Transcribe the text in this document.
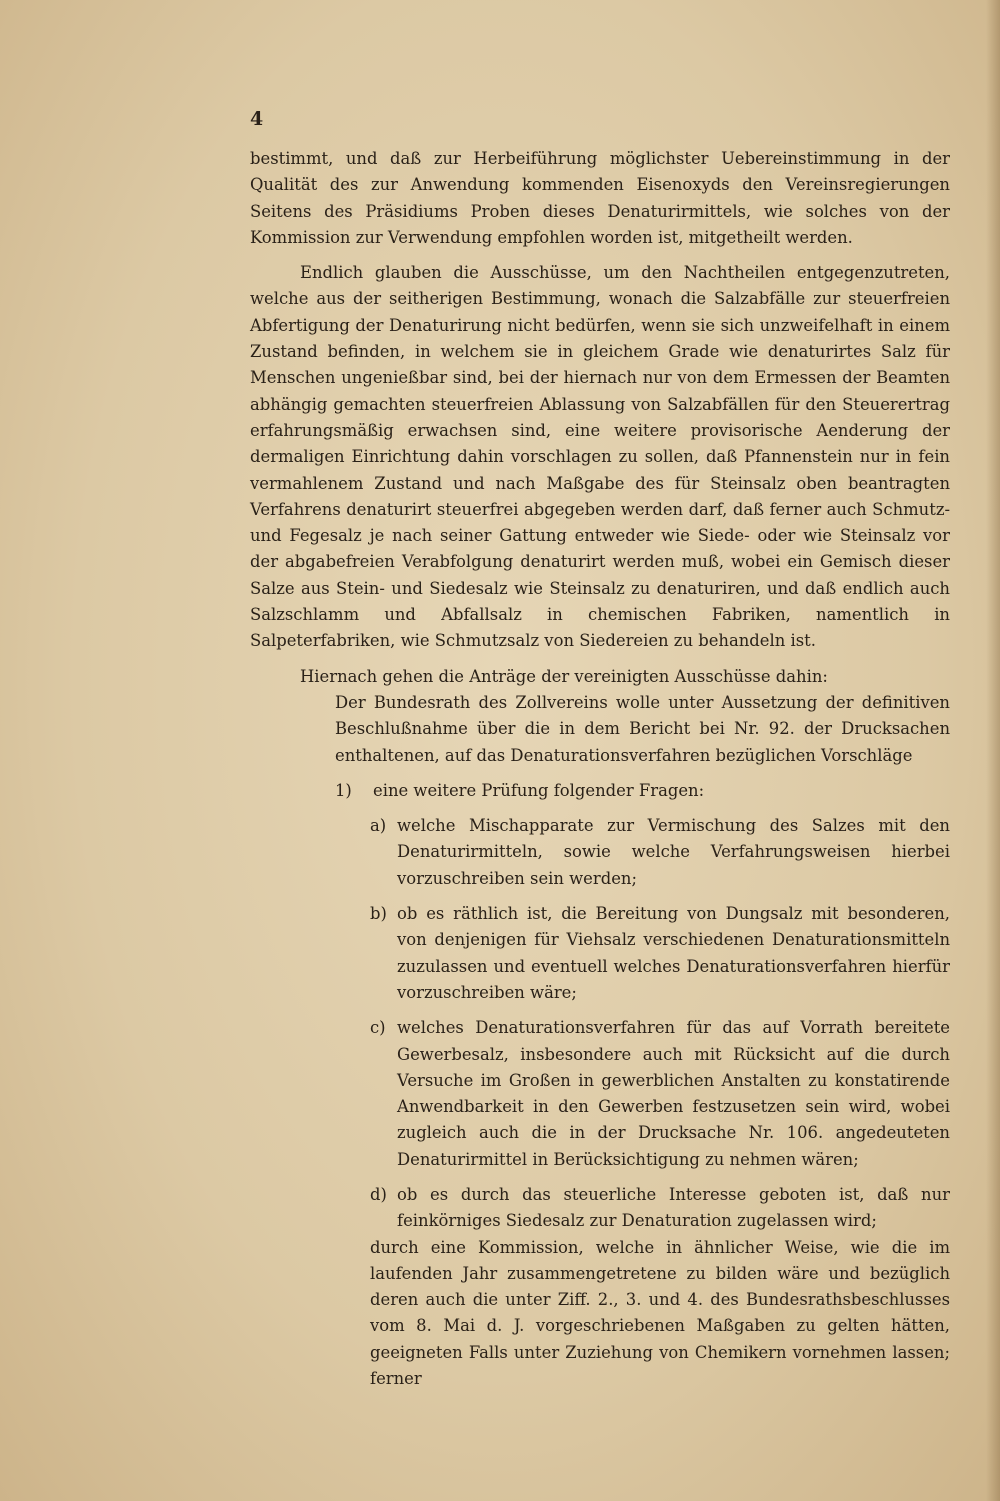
4

bestimmt, und daß zur Herbeiführung möglichster Uebereinstimmung in der Qualität des zur Anwendung kommenden Eisenoxyds den Vereinsregierungen Seitens des Präsidiums Proben dieses Denaturirmittels, wie solches von der Kommission zur Verwendung empfohlen worden ist, mitgetheilt werden.

Endlich glauben die Ausschüsse, um den Nachtheilen entgegenzutreten, welche aus der seitherigen Bestimmung, wonach die Salzabfälle zur steuerfreien Abfertigung der Denaturirung nicht bedürfen, wenn sie sich unzweifelhaft in einem Zustand befinden, in welchem sie in gleichem Grade wie denaturirtes Salz für Menschen ungenießbar sind, bei der hiernach nur von dem Ermessen der Beamten abhängig gemachten steuerfreien Ablassung von Salzabfällen für den Steuerertrag erfahrungsmäßig erwachsen sind, eine weitere provisorische Aenderung der dermaligen Einrichtung dahin vorschlagen zu sollen, daß Pfannenstein nur in fein vermahlenem Zustand und nach Maßgabe des für Steinsalz oben beantragten Verfahrens denaturirt steuerfrei abgegeben werden darf, daß ferner auch Schmutz- und Fegesalz je nach seiner Gattung entweder wie Siede- oder wie Steinsalz vor der abgabefreien Verabfolgung denaturirt werden muß, wobei ein Gemisch dieser Salze aus Stein- und Siedesalz wie Steinsalz zu denaturiren, und daß endlich auch Salzschlamm und Abfallsalz in chemischen Fabriken, namentlich in Salpeterfabriken, wie Schmutzsalz von Siedereien zu behandeln ist.

Hiernach gehen die Anträge der vereinigten Ausschüsse dahin:

Der Bundesrath des Zollvereins wolle unter Aussetzung der definitiven Beschlußnahme über die in dem Bericht bei Nr. 92. der Drucksachen enthaltenen, auf das Denaturationsverfahren bezüglichen Vorschläge

1)	eine weitere Prüfung folgender Fragen:
a) welche Mischapparate zur Vermischung des Salzes mit den Denaturirmitteln, sowie welche Verfahrungsweisen hierbei vorzuschreiben sein werden;
b) ob es räthlich ist, die Bereitung von Dungsalz mit besonderen, von denjenigen für Viehsalz verschiedenen Denaturationsmitteln zuzulassen und eventuell welches Denaturationsverfahren hierfür vorzuschreiben wäre;
c) welches Denaturationsverfahren für das auf Vorrath bereitete Gewerbesalz, insbesondere auch mit Rücksicht auf die durch Versuche im Großen in gewerblichen Anstalten zu konstatirende Anwendbarkeit in den Gewerben festzusetzen sein wird, wobei zugleich auch die in der Drucksache Nr. 106. angedeuteten Denaturirmittel in Berücksichtigung zu nehmen wären;
d) ob es durch das steuerliche Interesse geboten ist, daß nur feinkörniges Siedesalz zur Denaturation zugelassen wird;

durch eine Kommission, welche in ähnlicher Weise, wie die im laufenden Jahr zusammengetretene zu bilden wäre und bezüglich deren auch die unter Ziff. 2., 3. und 4. des Bundesrathsbeschlusses vom 8. Mai d. J. vorgeschriebenen Maßgaben zu gelten hätten, geeigneten Falls unter Zuziehung von Chemikern vornehmen lassen; ferner
